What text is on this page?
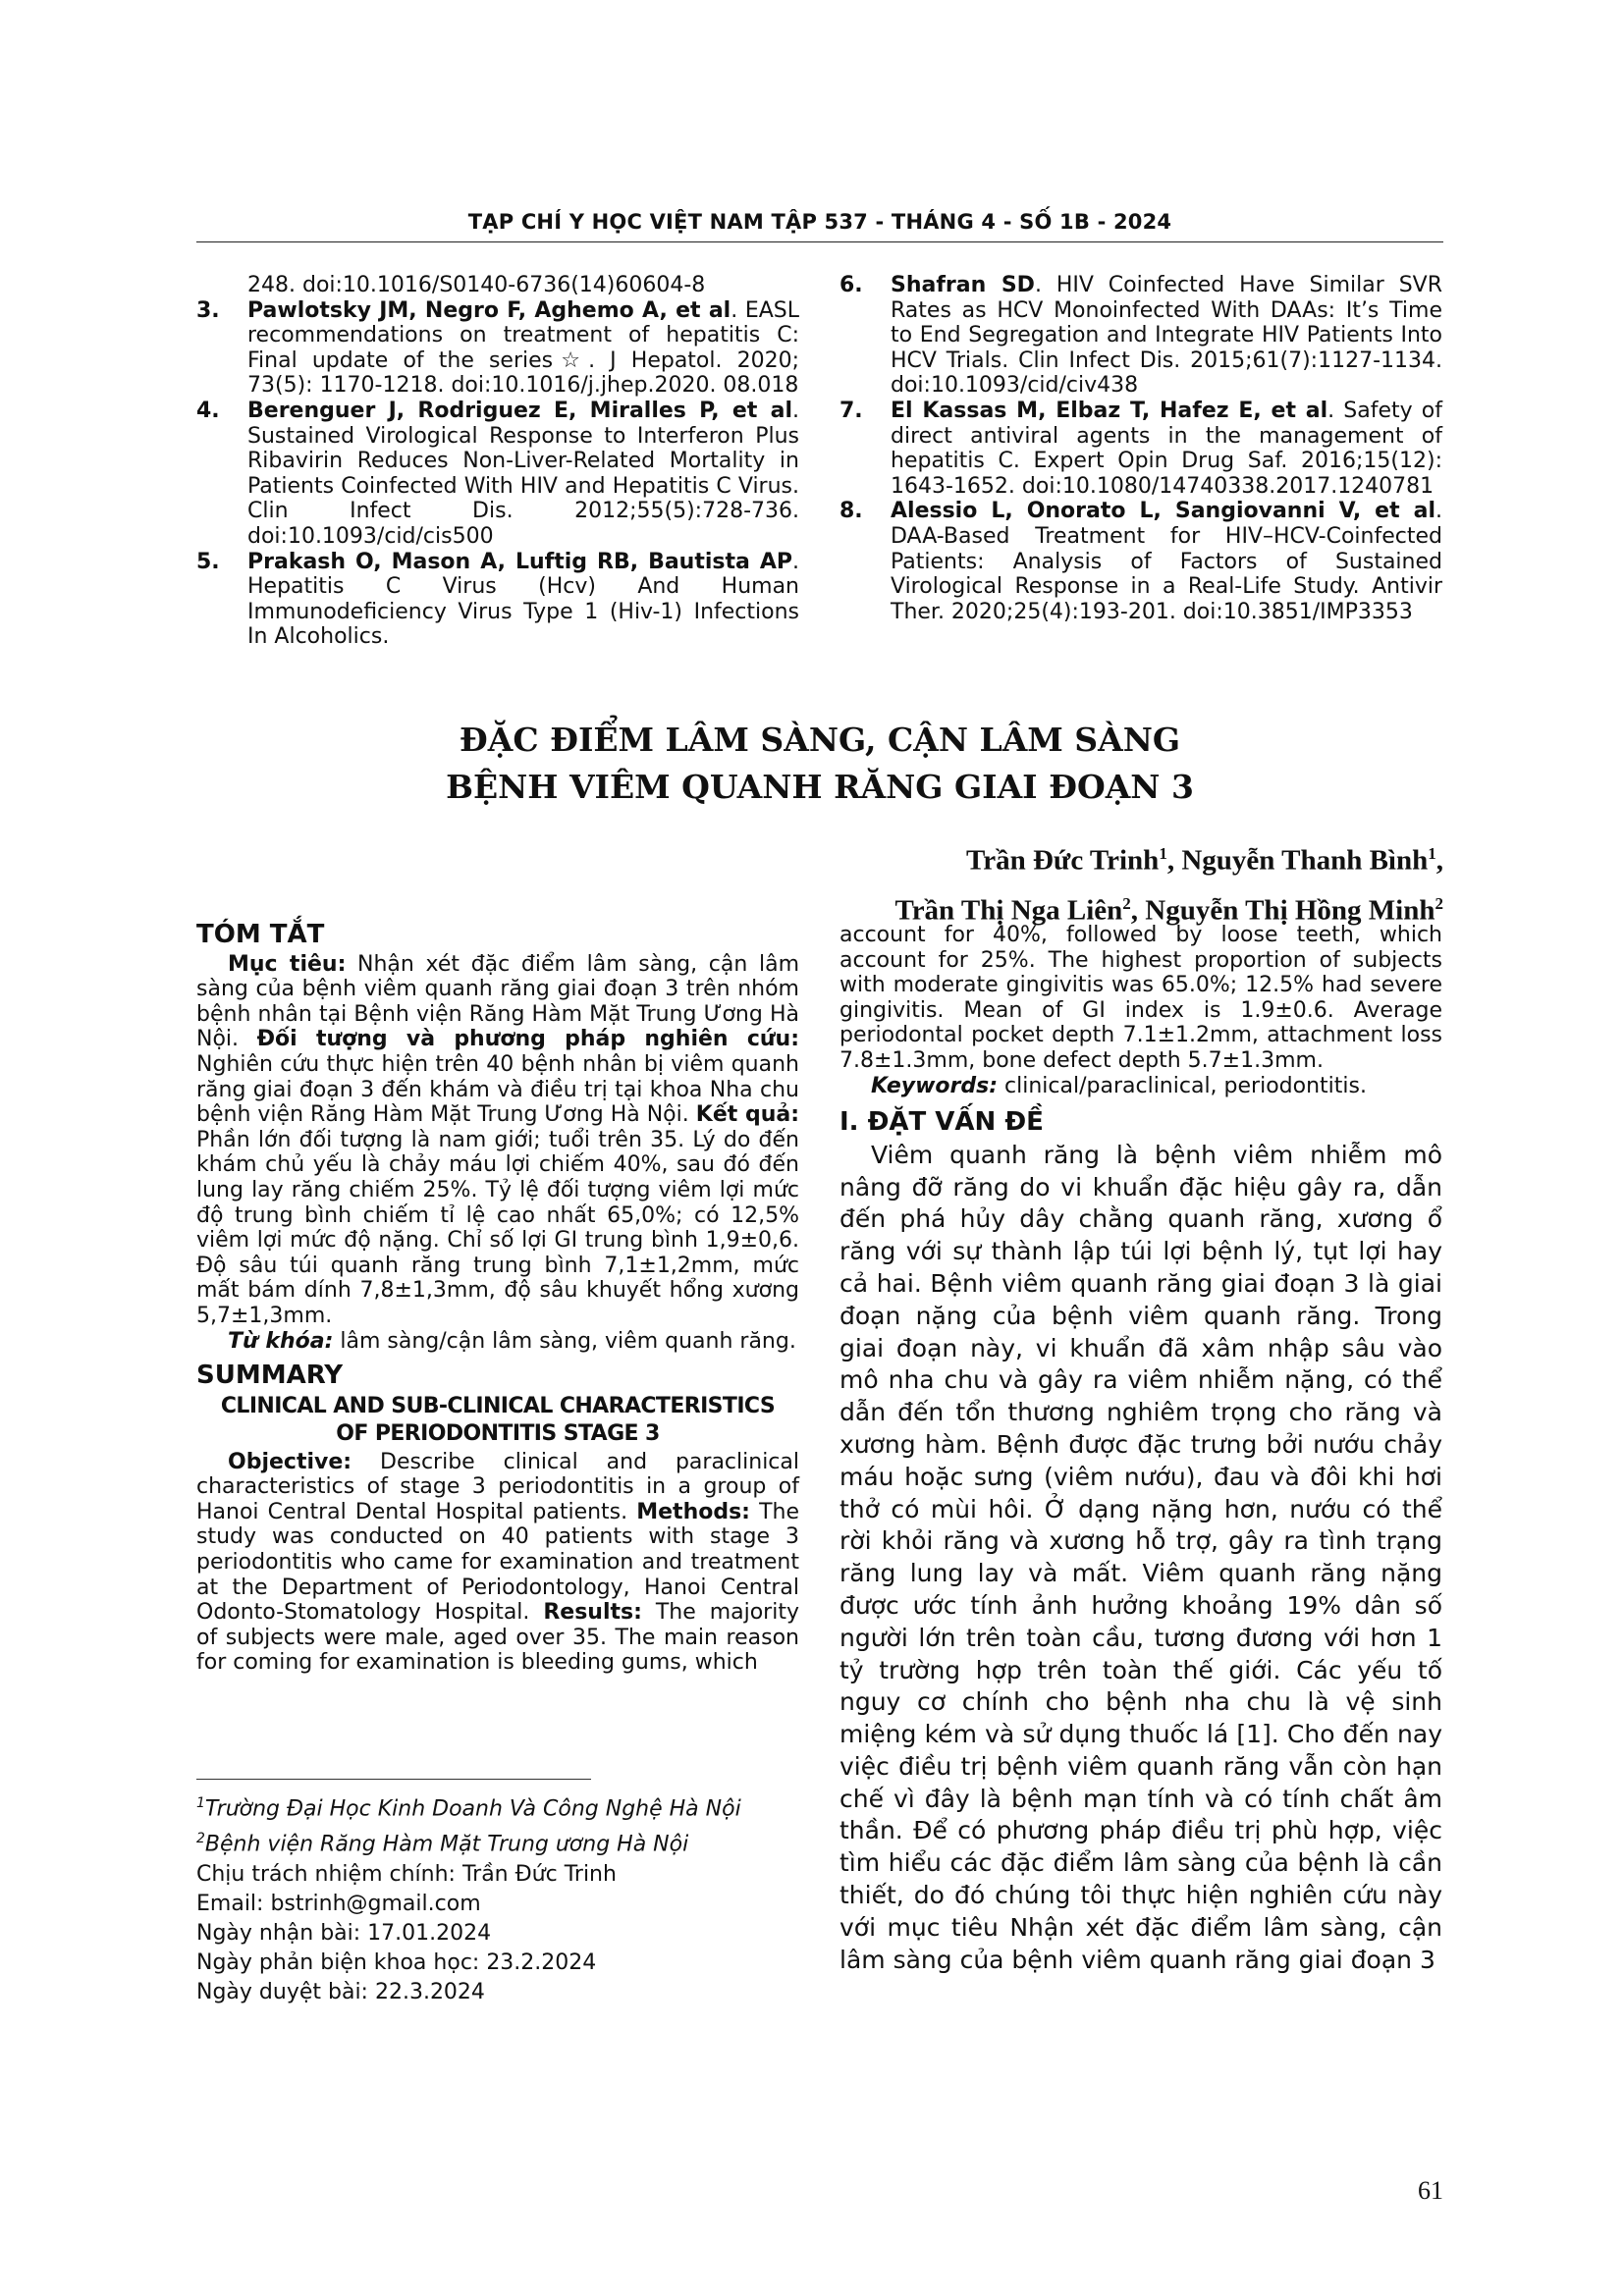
TẠP CHÍ Y HỌC VIỆT NAM TẬP 537 - THÁNG 4 - SỐ 1B - 2024

248. doi:10.1016/S0140-6736(14)60604-8

3. Pawlotsky JM, Negro F, Aghemo A, et al. EASL recommendations on treatment of hepatitis C: Final update of the series☆. J Hepatol. 2020; 73(5): 1170-1218. doi:10.1016/j.jhep.2020. 08.018

4. Berenguer J, Rodriguez E, Miralles P, et al. Sustained Virological Response to Interferon Plus Ribavirin Reduces Non-Liver-Related Mortality in Patients Coinfected With HIV and Hepatitis C Virus. Clin Infect Dis. 2012;55(5):728-736. doi:10.1093/cid/cis500

5. Prakash O, Mason A, Luftig RB, Bautista AP. Hepatitis C Virus (Hcv) And Human Immunodeficiency Virus Type 1 (Hiv-1) Infections In Alcoholics.

6. Shafran SD. HIV Coinfected Have Similar SVR Rates as HCV Monoinfected With DAAs: It’s Time to End Segregation and Integrate HIV Patients Into HCV Trials. Clin Infect Dis. 2015;61(7):1127-1134. doi:10.1093/cid/civ438

7. El Kassas M, Elbaz T, Hafez E, et al. Safety of direct antiviral agents in the management of hepatitis C. Expert Opin Drug Saf. 2016;15(12): 1643-1652. doi:10.1080/14740338.2017.1240781

8. Alessio L, Onorato L, Sangiovanni V, et al. DAA-Based Treatment for HIV–HCV-Coinfected Patients: Analysis of Factors of Sustained Virological Response in a Real-Life Study. Antivir Ther. 2020;25(4):193-201. doi:10.3851/IMP3353

ĐẶC ĐIỂM LÂM SÀNG, CẬN LÂM SÀNG
BỆNH VIÊM QUANH RĂNG GIAI ĐOẠN 3
Trần Đức Trinh$^1$, Nguyễn Thanh Bình$^1$,
Trần Thị Nga Liên$^2$, Nguyễn Thị Hồng Minh$^2$
TÓM TẮT

Mục tiêu: Nhận xét đặc điểm lâm sàng, cận lâm sàng của bệnh viêm quanh răng giai đoạn 3 trên nhóm bệnh nhân tại Bệnh viện Răng Hàm Mặt Trung Ương Hà Nội. Đối tượng và phương pháp nghiên cứu: Nghiên cứu thực hiện trên 40 bệnh nhân bị viêm quanh răng giai đoạn 3 đến khám và điều trị tại khoa Nha chu bệnh viện Răng Hàm Mặt Trung Ương Hà Nội. Kết quả: Phần lớn đối tượng là nam giới; tuổi trên 35. Lý do đến khám chủ yếu là chảy máu lợi chiếm 40%, sau đó đến lung lay răng chiếm 25%. Tỷ lệ đối tượng viêm lợi mức độ trung bình chiếm tỉ lệ cao nhất 65,0%; có 12,5% viêm lợi mức độ nặng. Chỉ số lợi GI trung bình 1,9±0,6. Độ sâu túi quanh răng trung bình 7,1±1,2mm, mức mất bám dính 7,8±1,3mm, độ sâu khuyết hổng xương 5,7±1,3mm.

Từ khóa: lâm sàng/cận lâm sàng, viêm quanh răng.

SUMMARY
CLINICAL AND SUB-CLINICAL CHARACTERISTICS
OF PERIODONTITIS STAGE 3

Objective: Describe clinical and paraclinical characteristics of stage 3 periodontitis in a group of Hanoi Central Dental Hospital patients. Methods: The study was conducted on 40 patients with stage 3 periodontitis who came for examination and treatment at the Department of Periodontology, Hanoi Central Odonto-Stomatology Hospital. Results: The majority of subjects were male, aged over 35. The main reason for coming for examination is bleeding gums, which

$^1$Trường Đại Học Kinh Doanh Và Công Nghệ Hà Nội
$^2$Bệnh viện Răng Hàm Mặt Trung ương Hà Nội
Chịu trách nhiệm chính: Trần Đức Trinh
Email: bstrinh@gmail.com
Ngày nhận bài: 17.01.2024
Ngày phản biện khoa học: 23.2.2024
Ngày duyệt bài: 22.3.2024

account for 40%, followed by loose teeth, which account for 25%. The highest proportion of subjects with moderate gingivitis was 65.0%; 12.5% had severe gingivitis. Mean of GI index is 1.9±0.6. Average periodontal pocket depth 7.1±1.2mm, attachment loss 7.8±1.3mm, bone defect depth 5.7±1.3mm.

Keywords: clinical/paraclinical, periodontitis.

I. ĐẶT VẤN ĐỀ

Viêm quanh răng là bệnh viêm nhiễm mô nâng đỡ răng do vi khuẩn đặc hiệu gây ra, dẫn đến phá hủy dây chằng quanh răng, xương ổ răng với sự thành lập túi lợi bệnh lý, tụt lợi hay cả hai. Bệnh viêm quanh răng giai đoạn 3 là giai đoạn nặng của bệnh viêm quanh răng. Trong giai đoạn này, vi khuẩn đã xâm nhập sâu vào mô nha chu và gây ra viêm nhiễm nặng, có thể dẫn đến tổn thương nghiêm trọng cho răng và xương hàm. Bệnh được đặc trưng bởi nướu chảy máu hoặc sưng (viêm nướu), đau và đôi khi hơi thở có mùi hôi. Ở dạng nặng hơn, nướu có thể rời khỏi răng và xương hỗ trợ, gây ra tình trạng răng lung lay và mất. Viêm quanh răng nặng được ước tính ảnh hưởng khoảng 19% dân số người lớn trên toàn cầu, tương đương với hơn 1 tỷ trường hợp trên toàn thế giới. Các yếu tố nguy cơ chính cho bệnh nha chu là vệ sinh miệng kém và sử dụng thuốc lá [1]. Cho đến nay việc điều trị bệnh viêm quanh răng vẫn còn hạn chế vì đây là bệnh mạn tính và có tính chất âm thần. Để có phương pháp điều trị phù hợp, việc tìm hiểu các đặc điểm lâm sàng của bệnh là cần thiết, do đó chúng tôi thực hiện nghiên cứu này với mục tiêu Nhận xét đặc điểm lâm sàng, cận lâm sàng của bệnh viêm quanh răng giai đoạn 3

61
